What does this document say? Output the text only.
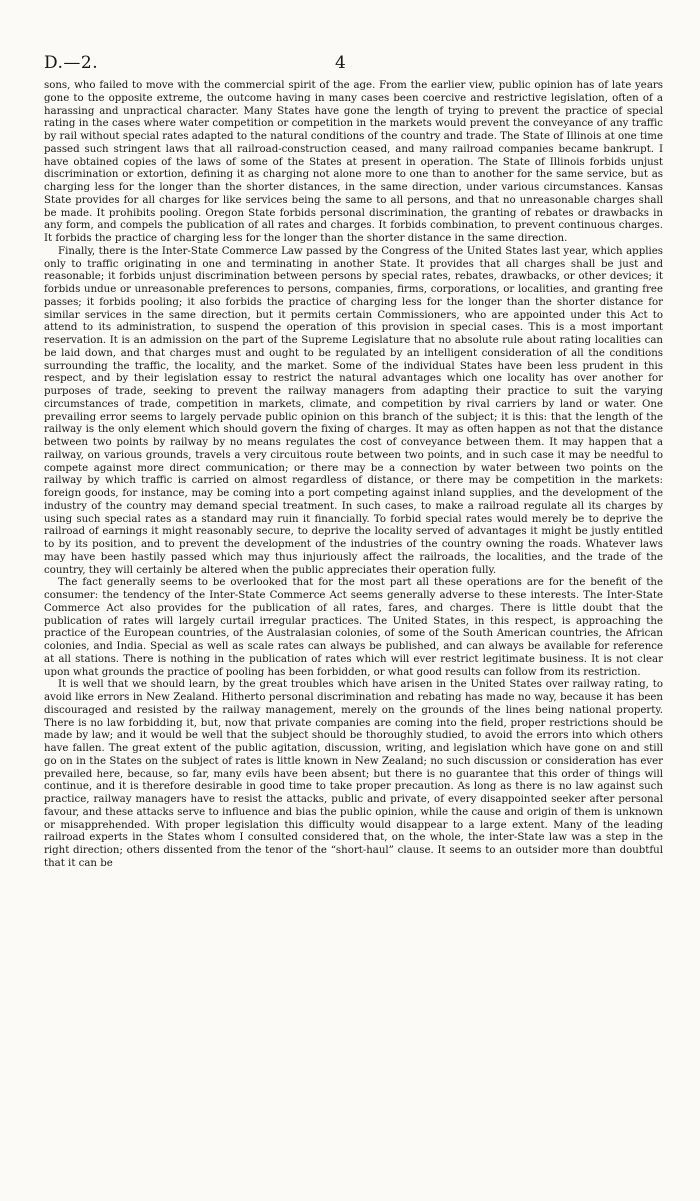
D.—2.	4

sons, who failed to move with the commercial spirit of the age. From the earlier view, public opinion has of late years gone to the opposite extreme, the outcome having in many cases been coercive and restrictive legislation, often of a harassing and unpractical character. Many States have gone the length of trying to prevent the practice of special rating in the cases where water competition or competition in the markets would prevent the conveyance of any traffic by rail without special rates adapted to the natural conditions of the country and trade. The State of Illinois at one time passed such stringent laws that all railroad-construction ceased, and many railroad companies became bankrupt. I have obtained copies of the laws of some of the States at present in operation. The State of Illinois forbids unjust discrimination or extortion, defining it as charging not alone more to one than to another for the same service, but as charging less for the longer than the shorter distances, in the same direction, under various circumstances. Kansas State provides for all charges for like services being the same to all persons, and that no unreasonable charges shall be made. It prohibits pooling. Oregon State forbids personal discrimination, the granting of rebates or drawbacks in any form, and compels the publication of all rates and charges. It forbids combination, to prevent continuous charges. It forbids the practice of charging less for the longer than the shorter distance in the same direction.

Finally, there is the Inter-State Commerce Law passed by the Congress of the United States last year, which applies only to traffic originating in one and terminating in another State. It provides that all charges shall be just and reasonable; it forbids unjust discrimination between persons by special rates, rebates, drawbacks, or other devices; it forbids undue or unreasonable preferences to persons, companies, firms, corporations, or localities, and granting free passes; it forbids pooling; it also forbids the practice of charging less for the longer than the shorter distance for similar services in the same direction, but it permits certain Commissioners, who are appointed under this Act to attend to its administration, to suspend the operation of this provision in special cases. This is a most important reservation. It is an admission on the part of the Supreme Legislature that no absolute rule about rating localities can be laid down, and that charges must and ought to be regulated by an intelligent consideration of all the conditions surrounding the traffic, the locality, and the market. Some of the individual States have been less prudent in this respect, and by their legislation essay to restrict the natural advantages which one locality has over another for purposes of trade, seeking to prevent the railway managers from adapting their practice to suit the varying circumstances of trade, competition in markets, climate, and competition by rival carriers by land or water. One prevailing error seems to largely pervade public opinion on this branch of the subject; it is this: that the length of the railway is the only element which should govern the fixing of charges. It may as often happen as not that the distance between two points by railway by no means regulates the cost of conveyance between them. It may happen that a railway, on various grounds, travels a very circuitous route between two points, and in such case it may be needful to compete against more direct communication; or there may be a connection by water between two points on the railway by which traffic is carried on almost regardless of distance, or there may be competition in the markets: foreign goods, for instance, may be coming into a port competing against inland supplies, and the development of the industry of the country may demand special treatment. In such cases, to make a railroad regulate all its charges by using such special rates as a standard may ruin it financially. To forbid special rates would merely be to deprive the railroad of earnings it might reasonably secure, to deprive the locality served of advantages it might be justly entitled to by its position, and to prevent the development of the industries of the country owning the roads. Whatever laws may have been hastily passed which may thus injuriously affect the railroads, the localities, and the trade of the country, they will certainly be altered when the public appreciates their operation fully.

The fact generally seems to be overlooked that for the most part all these operations are for the benefit of the consumer: the tendency of the Inter-State Commerce Act seems generally adverse to these interests. The Inter-State Commerce Act also provides for the publication of all rates, fares, and charges. There is little doubt that the publication of rates will largely curtail irregular practices. The United States, in this respect, is approaching the practice of the European countries, of the Australasian colonies, of some of the South American countries, the African colonies, and India. Special as well as scale rates can always be published, and can always be available for reference at all stations. There is nothing in the publication of rates which will ever restrict legitimate business. It is not clear upon what grounds the practice of pooling has been forbidden, or what good results can follow from its restriction.

It is well that we should learn, by the great troubles which have arisen in the United States over railway rating, to avoid like errors in New Zealand. Hitherto personal discrimination and rebating has made no way, because it has been discouraged and resisted by the railway management, merely on the grounds of the lines being national property. There is no law forbidding it, but, now that private companies are coming into the field, proper restrictions should be made by law; and it would be well that the subject should be thoroughly studied, to avoid the errors into which others have fallen. The great extent of the public agitation, discussion, writing, and legislation which have gone on and still go on in the States on the subject of rates is little known in New Zealand; no such discussion or consideration has ever prevailed here, because, so far, many evils have been absent; but there is no guarantee that this order of things will continue, and it is therefore desirable in good time to take proper precaution. As long as there is no law against such practice, railway managers have to resist the attacks, public and private, of every disappointed seeker after personal favour, and these attacks serve to influence and bias the public opinion, while the cause and origin of them is unknown or misapprehended. With proper legislation this difficulty would disappear to a large extent. Many of the leading railroad experts in the States whom I consulted considered that, on the whole, the inter-State law was a step in the right direction; others dissented from the tenor of the “short-haul” clause. It seems to an outsider more than doubtful that it can be
